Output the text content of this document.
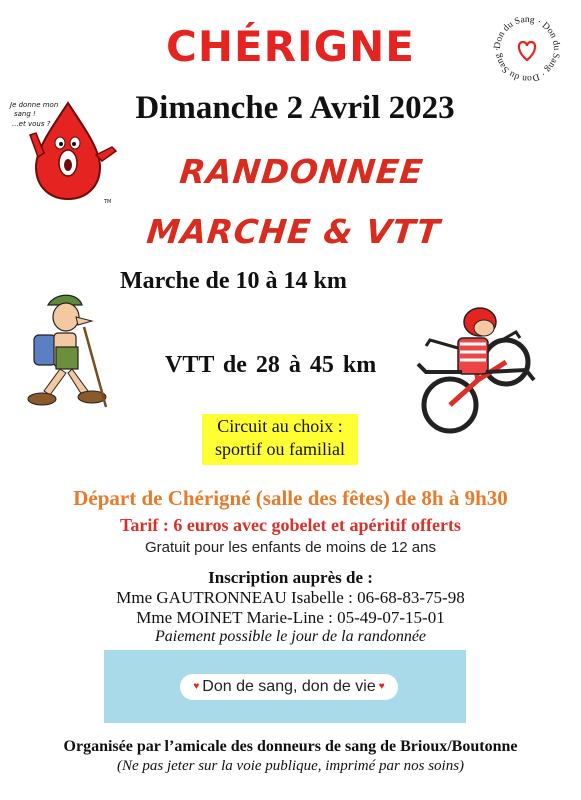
Don du Sang · Don du Sang · Don du Sang ·
CHÉRIGNE
Je donne mon
sang !
...et vous ?
TM
Dimanche 2 Avril 2023
RANDONNEE
MARCHE & VTT
Marche de 10 à 14 km
VTT de 28 à 45 km
Circuit au choix :
sportif ou familial
Départ de Chérigné (salle des fêtes) de 8h à 9h30
Tarif : 6 euros avec gobelet et apéritif offerts
Gratuit pour les enfants de moins de 12 ans
Inscription auprès de :
Mme GAUTRONNEAU Isabelle : 06-68-83-75-98
Mme MOINET Marie-Line : 05-49-07-15-01
Paiement possible le jour de la randonnée
♥ Don de sang, don de vie ♥
Organisée par l’amicale des donneurs de sang de Brioux/Boutonne
(Ne pas jeter sur la voie publique, imprimé par nos soins)
